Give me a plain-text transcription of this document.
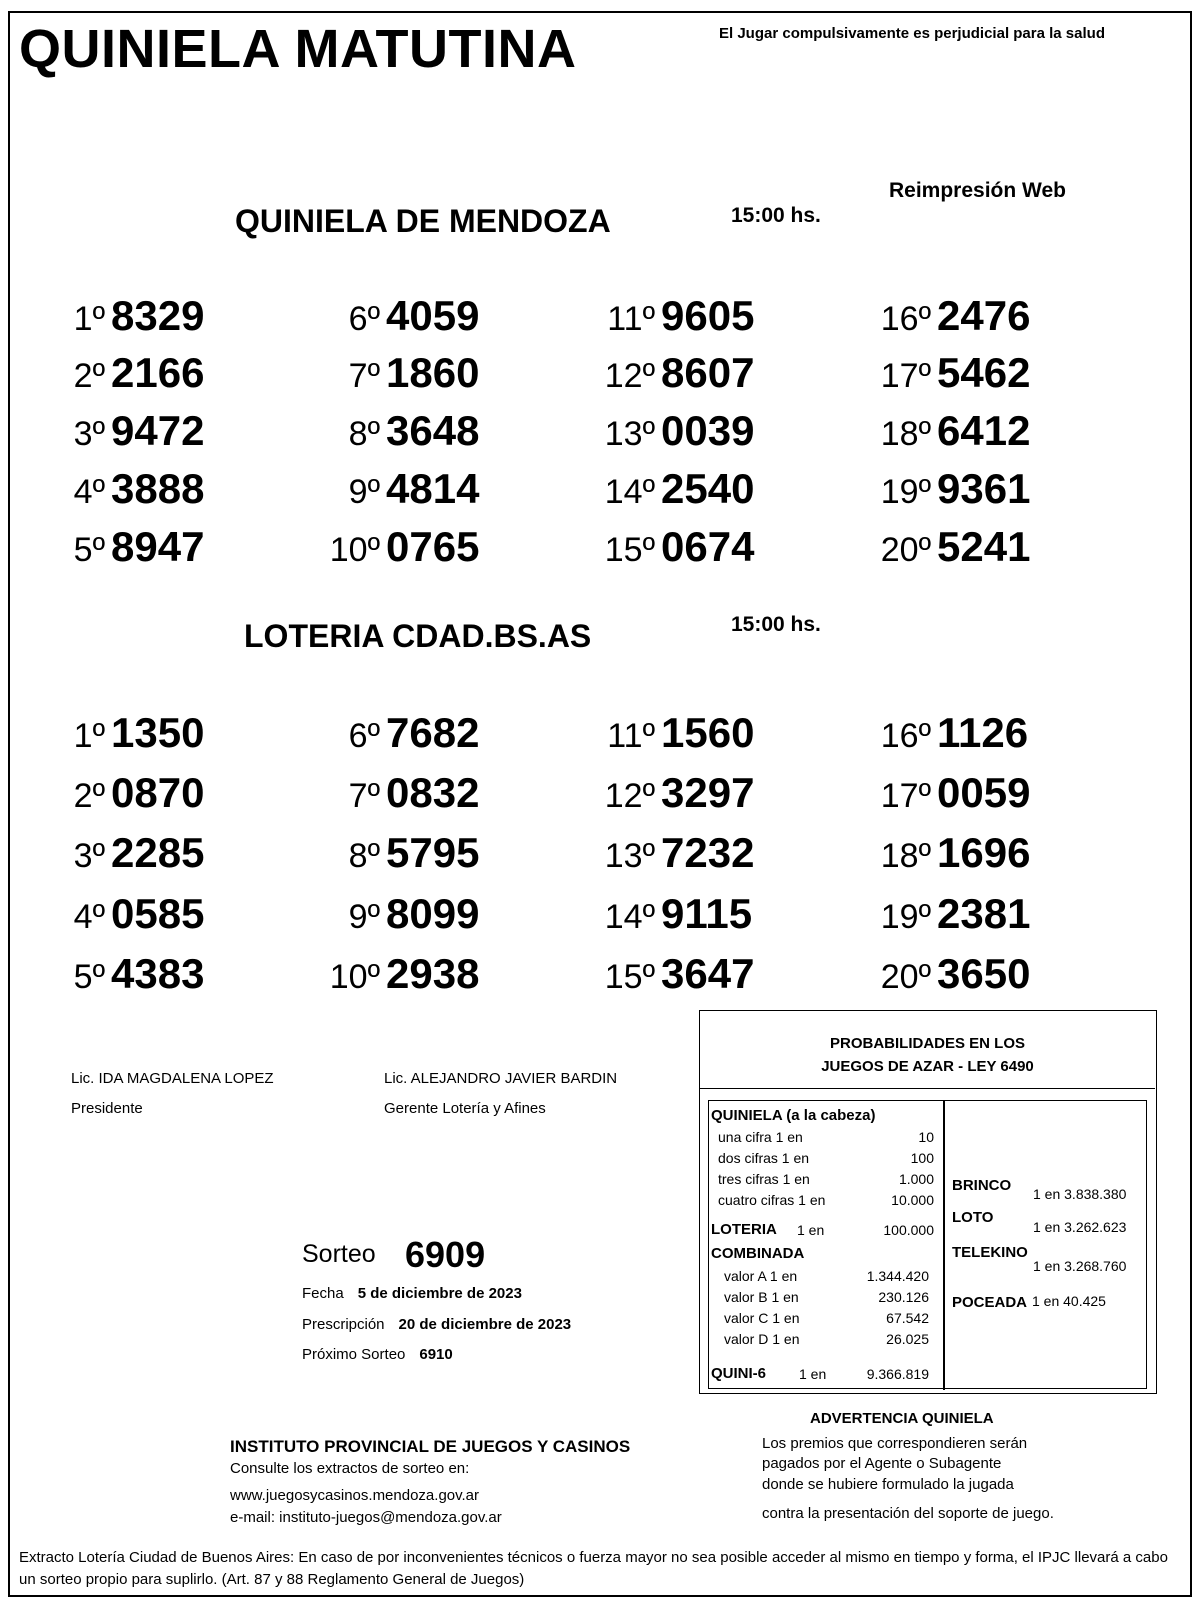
QUINIELA MATUTINA	El Jugar compulsivamente es perjudicial para la salud
Reimpresión Web
QUINIELA DE MENDOZA	15:00 hs.
1º 8329
2º 2166
3º 9472
4º 3888
5º 8947
6º 4059
7º 1860
8º 3648
9º 4814
10º 0765
11º 9605
12º 8607
13º 0039
14º 2540
15º 0674
16º 2476
17º 5462
18º 6412
19º 9361
20º 5241
LOTERIA CDAD.BS.AS	15:00 hs.
1º 1350
2º 0870
3º 2285
4º 0585
5º 4383
6º 7682
7º 0832
8º 5795
9º 8099
10º 2938
11º 1560
12º 3297
13º 7232
14º 9115
15º 3647
16º 1126
17º 0059
18º 1696
19º 2381
20º 3650
Lic. IDA MAGDALENA LOPEZ
Presidente
Lic. ALEJANDRO JAVIER BARDIN
Gerente Lotería y Afines
Sorteo 6909
Fecha 5 de diciembre de 2023
Prescripción 20 de diciembre de 2023
Próximo Sorteo 6910
PROBABILIDADES EN LOS
JUEGOS DE AZAR - LEY 6490
QUINIELA (a la cabeza)
una cifra 1 en	10
dos cifras 1 en	100
tres cifras 1 en	1.000
cuatro cifras 1 en	10.000
LOTERIA 1 en	100.000
COMBINADA
valor A 1 en	1.344.420
valor B 1 en	230.126
valor C 1 en	67.542
valor D 1 en	26.025
QUINI-6 1 en	9.366.819
BRINCO 1 en 3.838.380
LOTO
1 en 3.262.623
TELEKINO
1 en 3.268.760
POCEADA 1 en 40.425
ADVERTENCIA QUINIELA
Los premios que correspondieren serán
pagados por el Agente o Subagente
donde se hubiere formulado la jugada
contra la presentación del soporte de juego.
INSTITUTO PROVINCIAL DE JUEGOS Y CASINOS
Consulte los extractos de sorteo en:
www.juegosycasinos.mendoza.gov.ar
e-mail: instituto-juegos@mendoza.gov.ar
Extracto Lotería Ciudad de Buenos Aires: En caso de por inconvenientes técnicos o fuerza mayor no sea posible acceder al mismo en tiempo y forma, el IPJC llevará a cabo un sorteo propio para suplirlo. (Art. 87 y 88 Reglamento General de Juegos)
